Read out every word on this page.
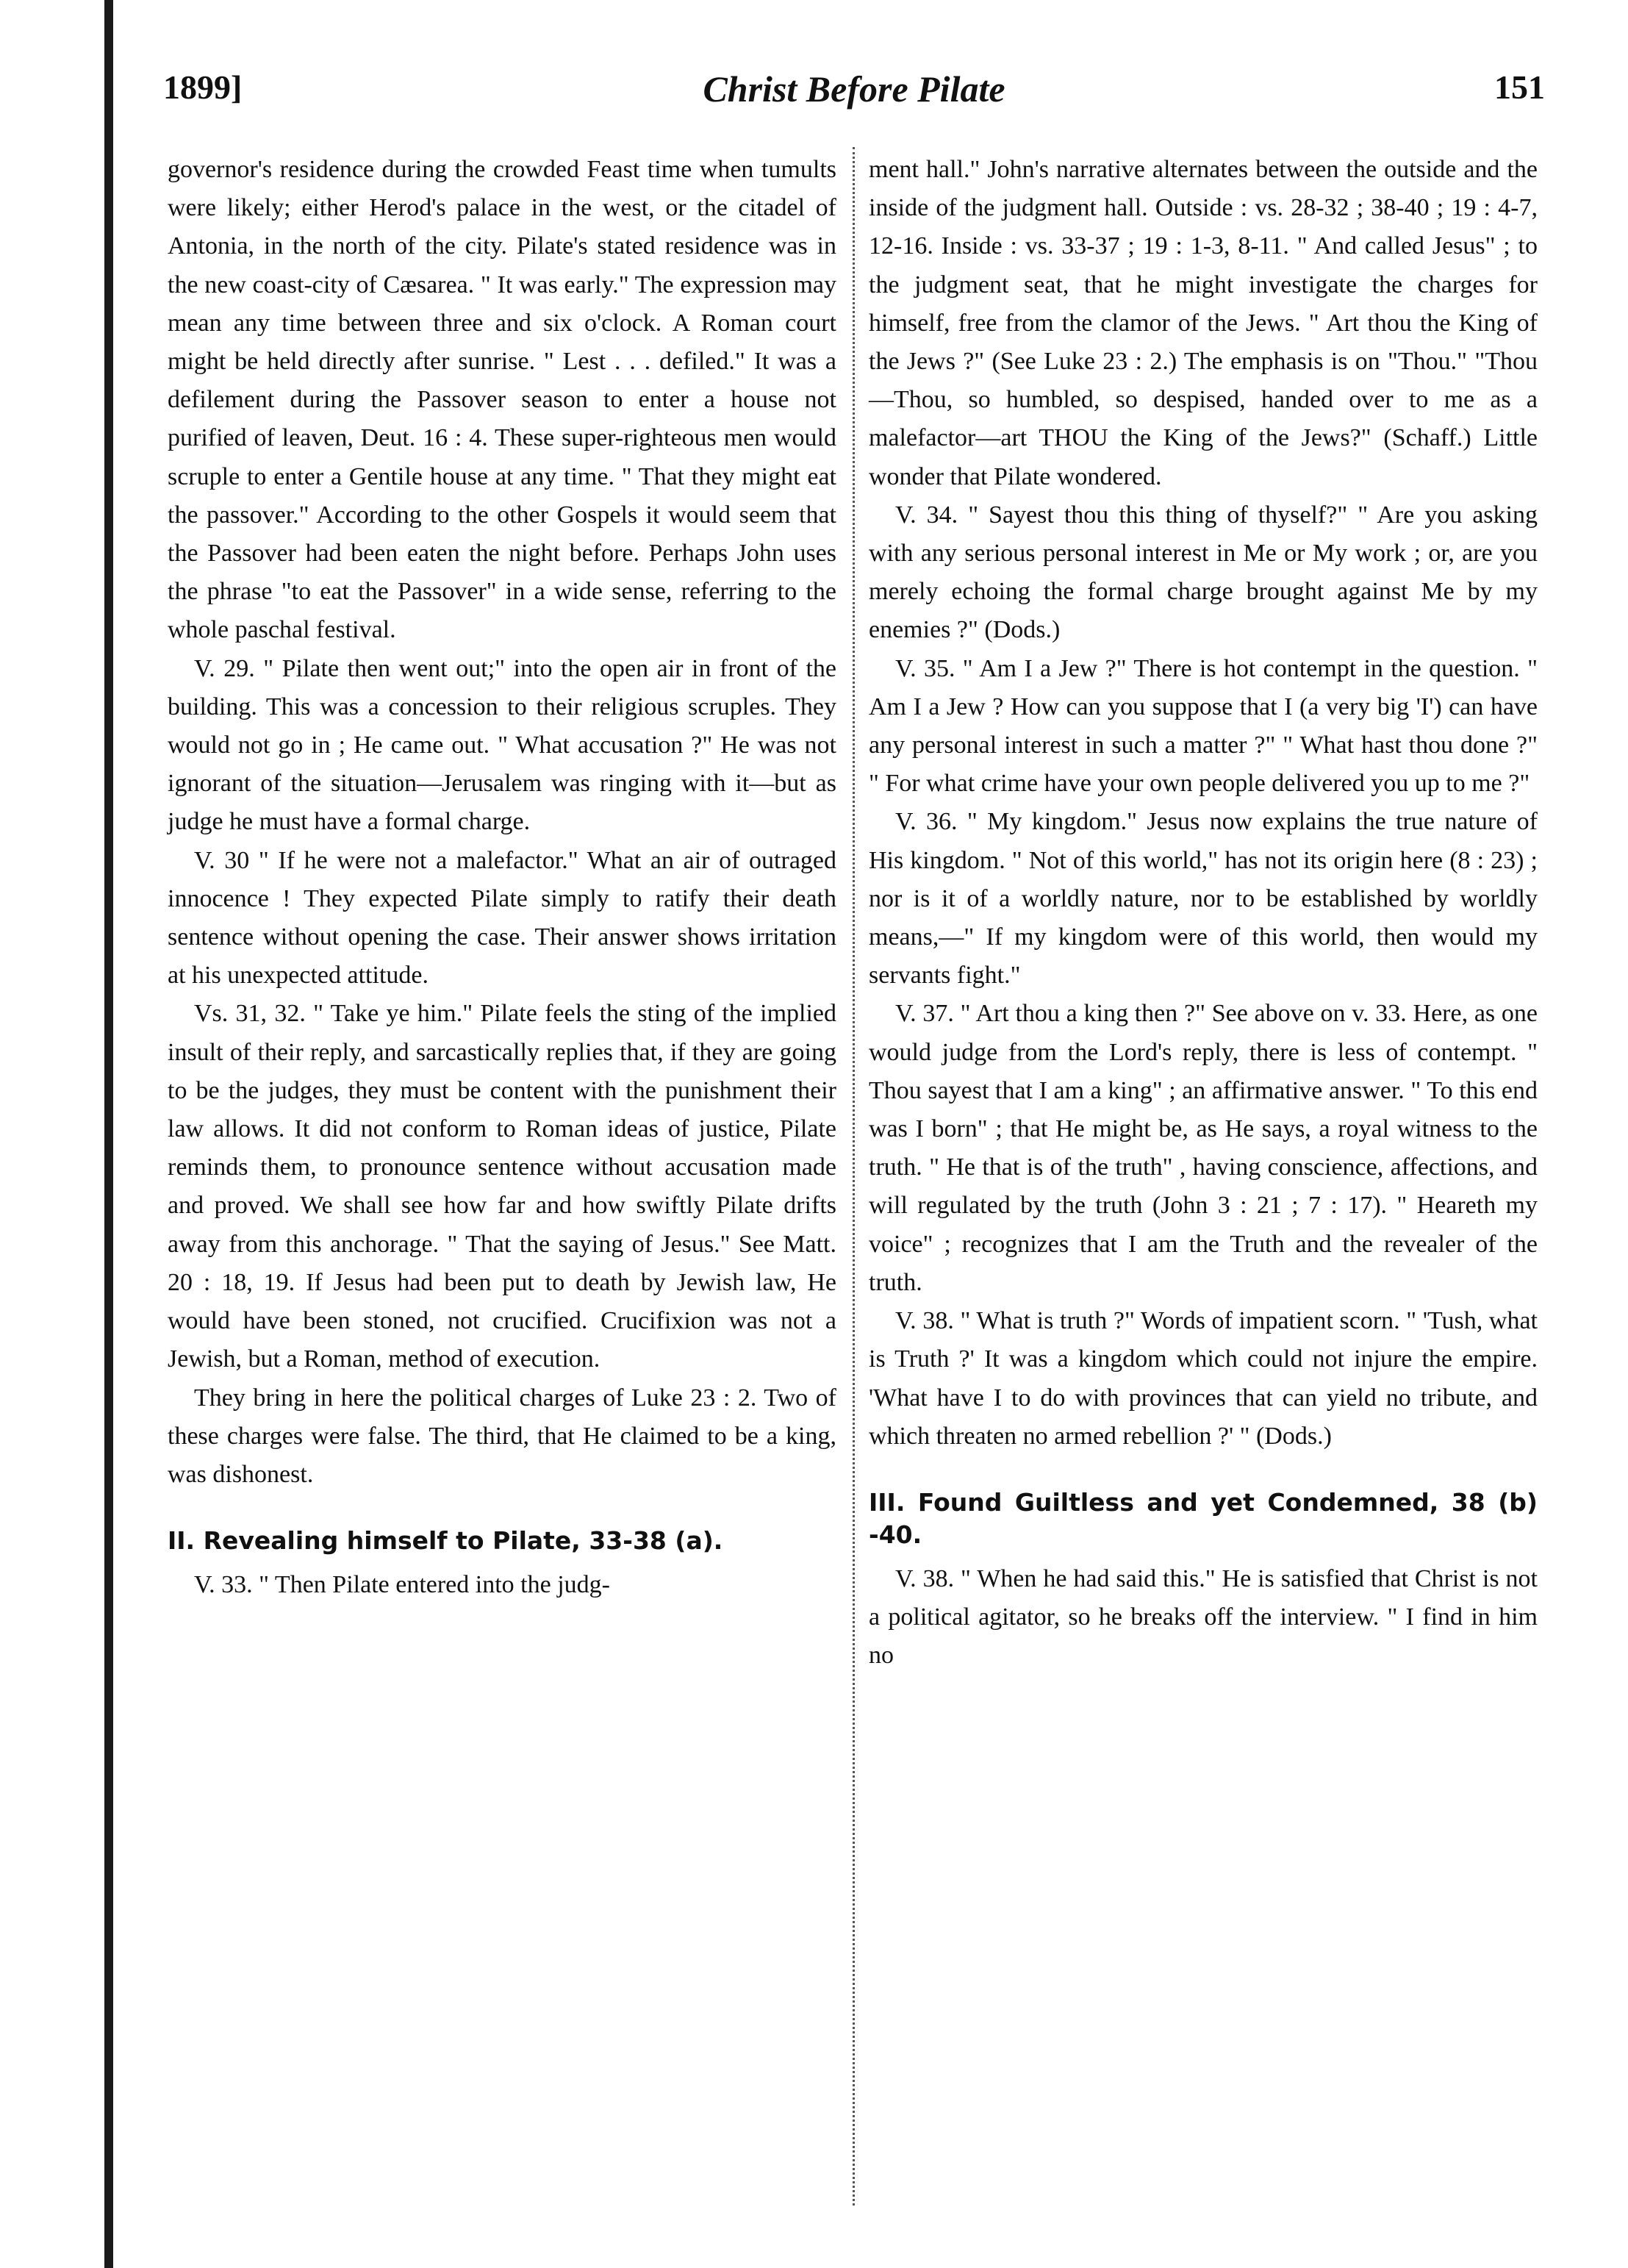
1899]	Christ Before Pilate	151

governor's residence during the crowded Feast time when tumults were likely; either Herod's palace in the west, or the citadel of Antonia, in the north of the city. Pilate's stated residence was in the new coast-city of Cæsarea. " It was early." The expression may mean any time between three and six o'clock. A Roman court might be held directly after sunrise. " Lest . . . defiled." It was a defilement during the Passover season to enter a house not purified of leaven, Deut. 16 : 4. These super-righteous men would scruple to enter a Gentile house at any time. " That they might eat the passover." According to the other Gospels it would seem that the Passover had been eaten the night before. Perhaps John uses the phrase "to eat the Passover" in a wide sense, referring to the whole paschal festival.

V. 29. " Pilate then went out;" into the open air in front of the building. This was a concession to their religious scruples. They would not go in ; He came out. " What accusation ?" He was not ignorant of the situation—Jerusalem was ringing with it—but as judge he must have a formal charge.

V. 30 " If he were not a malefactor." What an air of outraged innocence ! They expected Pilate simply to ratify their death sentence without opening the case. Their answer shows irritation at his unexpected attitude.

Vs. 31, 32. " Take ye him." Pilate feels the sting of the implied insult of their reply, and sarcastically replies that, if they are going to be the judges, they must be content with the punishment their law allows. It did not conform to Roman ideas of justice, Pilate reminds them, to pronounce sentence without accusation made and proved. We shall see how far and how swiftly Pilate drifts away from this anchorage. " That the saying of Jesus." See Matt. 20 : 18, 19. If Jesus had been put to death by Jewish law, He would have been stoned, not crucified. Crucifixion was not a Jewish, but a Roman, method of execution.

They bring in here the political charges of Luke 23 : 2. Two of these charges were false. The third, that He claimed to be a king, was dishonest.

II. Revealing himself to Pilate, 33-38 (a).

V. 33. " Then Pilate entered into the judg-

ment hall." John's narrative alternates between the outside and the inside of the judgment hall. Outside : vs. 28-32 ; 38-40 ; 19 : 4-7, 12-16. Inside : vs. 33-37 ; 19 : 1-3, 8-11. " And called Jesus" ; to the judgment seat, that he might investigate the charges for himself, free from the clamor of the Jews. " Art thou the King of the Jews ?" (See Luke 23 : 2.) The emphasis is on "Thou." "Thou—Thou, so humbled, so despised, handed over to me as a malefactor—art THOU the King of the Jews?" (Schaff.) Little wonder that Pilate wondered.

V. 34. " Sayest thou this thing of thyself?" " Are you asking with any serious personal interest in Me or My work ; or, are you merely echoing the formal charge brought against Me by my enemies ?" (Dods.)

V. 35. " Am I a Jew ?" There is hot contempt in the question. " Am I a Jew ? How can you suppose that I (a very big 'I') can have any personal interest in such a matter ?" " What hast thou done ?" " For what crime have your own people delivered you up to me ?"

V. 36. " My kingdom." Jesus now explains the true nature of His kingdom. " Not of this world," has not its origin here (8 : 23) ; nor is it of a worldly nature, nor to be established by worldly means,—" If my kingdom were of this world, then would my servants fight."

V. 37. " Art thou a king then ?" See above on v. 33. Here, as one would judge from the Lord's reply, there is less of contempt. " Thou sayest that I am a king" ; an affirmative answer. " To this end was I born" ; that He might be, as He says, a royal witness to the truth. " He that is of the truth" , having conscience, affections, and will regulated by the truth (John 3 : 21 ; 7 : 17). " Heareth my voice" ; recognizes that I am the Truth and the revealer of the truth.

V. 38. " What is truth ?" Words of impatient scorn. " 'Tush, what is Truth ?' It was a kingdom which could not injure the empire. 'What have I to do with provinces that can yield no tribute, and which threaten no armed rebellion ?' " (Dods.)

III. Found Guiltless and yet Condemned, 38 (b) -40.

V. 38. " When he had said this." He is satisfied that Christ is not a political agitator, so he breaks off the interview. " I find in him no
